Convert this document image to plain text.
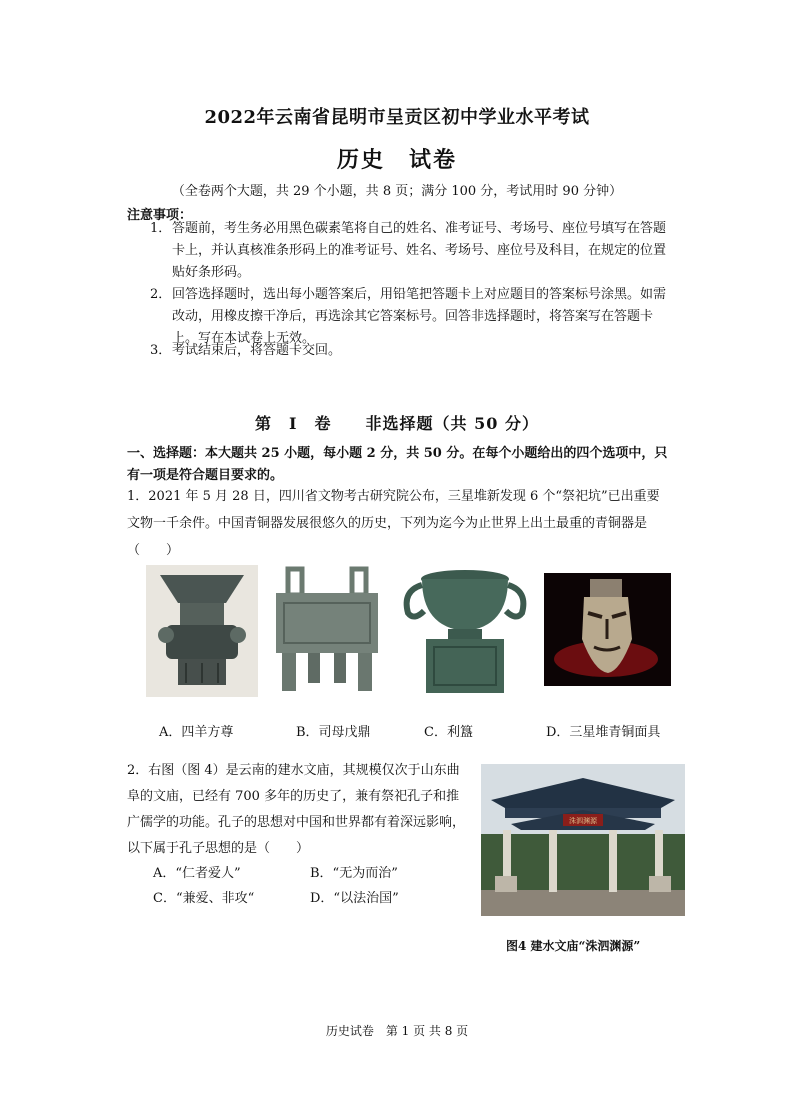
2022年云南省昆明市呈贡区初中学业水平考试
历史　试卷
（全卷两个大题，共 29 个小题，共 8 页；满分 100 分，考试用时 90 分钟）
注意事项：
1． 答题前，考生务必用黑色碳素笔将自己的姓名、准考证号、考场号、座位号填写在答题卡上，并认真核准条形码上的准考证号、姓名、考场号、座位号及科目，在规定的位置贴好条形码。
2． 回答选择题时，选出每小题答案后，用铅笔把答题卡上对应题目的答案标号涂黑。如需改动，用橡皮擦干净后，再选涂其它答案标号。回答非选择题时，将答案写在答题卡上。写在本试卷上无效。
3． 考试结束后，将答题卡交回。
第　Ⅰ　卷　　非选择题（共 50 分）
一、选择题：本大题共 25 小题，每小题 2 分，共 50 分。在每个小题给出的四个选项中，只有一项是符合题目要求的。
1．2021 年 5 月 28 日，四川省文物考古研究院公布，三星堆新发现 6 个“祭祀坑”已出重要文物一千余件。中国青铜器发展很悠久的历史，下列为迄今为止世界上出土最重的青铜器是（　　）
A．四羊方尊	B．司母戊鼎	C．利簋	D．三星堆青铜面具
2．右图（图 4）是云南的建水文庙，其规模仅次于山东曲阜的文庙，已经有 700 多年的历史了，兼有祭祀孔子和推广儒学的功能。孔子的思想对中国和世界都有着深远影响，以下属于孔子思想的是（　　）
A．“仁者爱人”	B．“无为而治”
C．“兼爱、非攻“	D．“以法治国”
洙泗渊源
图4 建水文庙“洙泗渊源”
历史试卷　第 1 页 共 8 页
